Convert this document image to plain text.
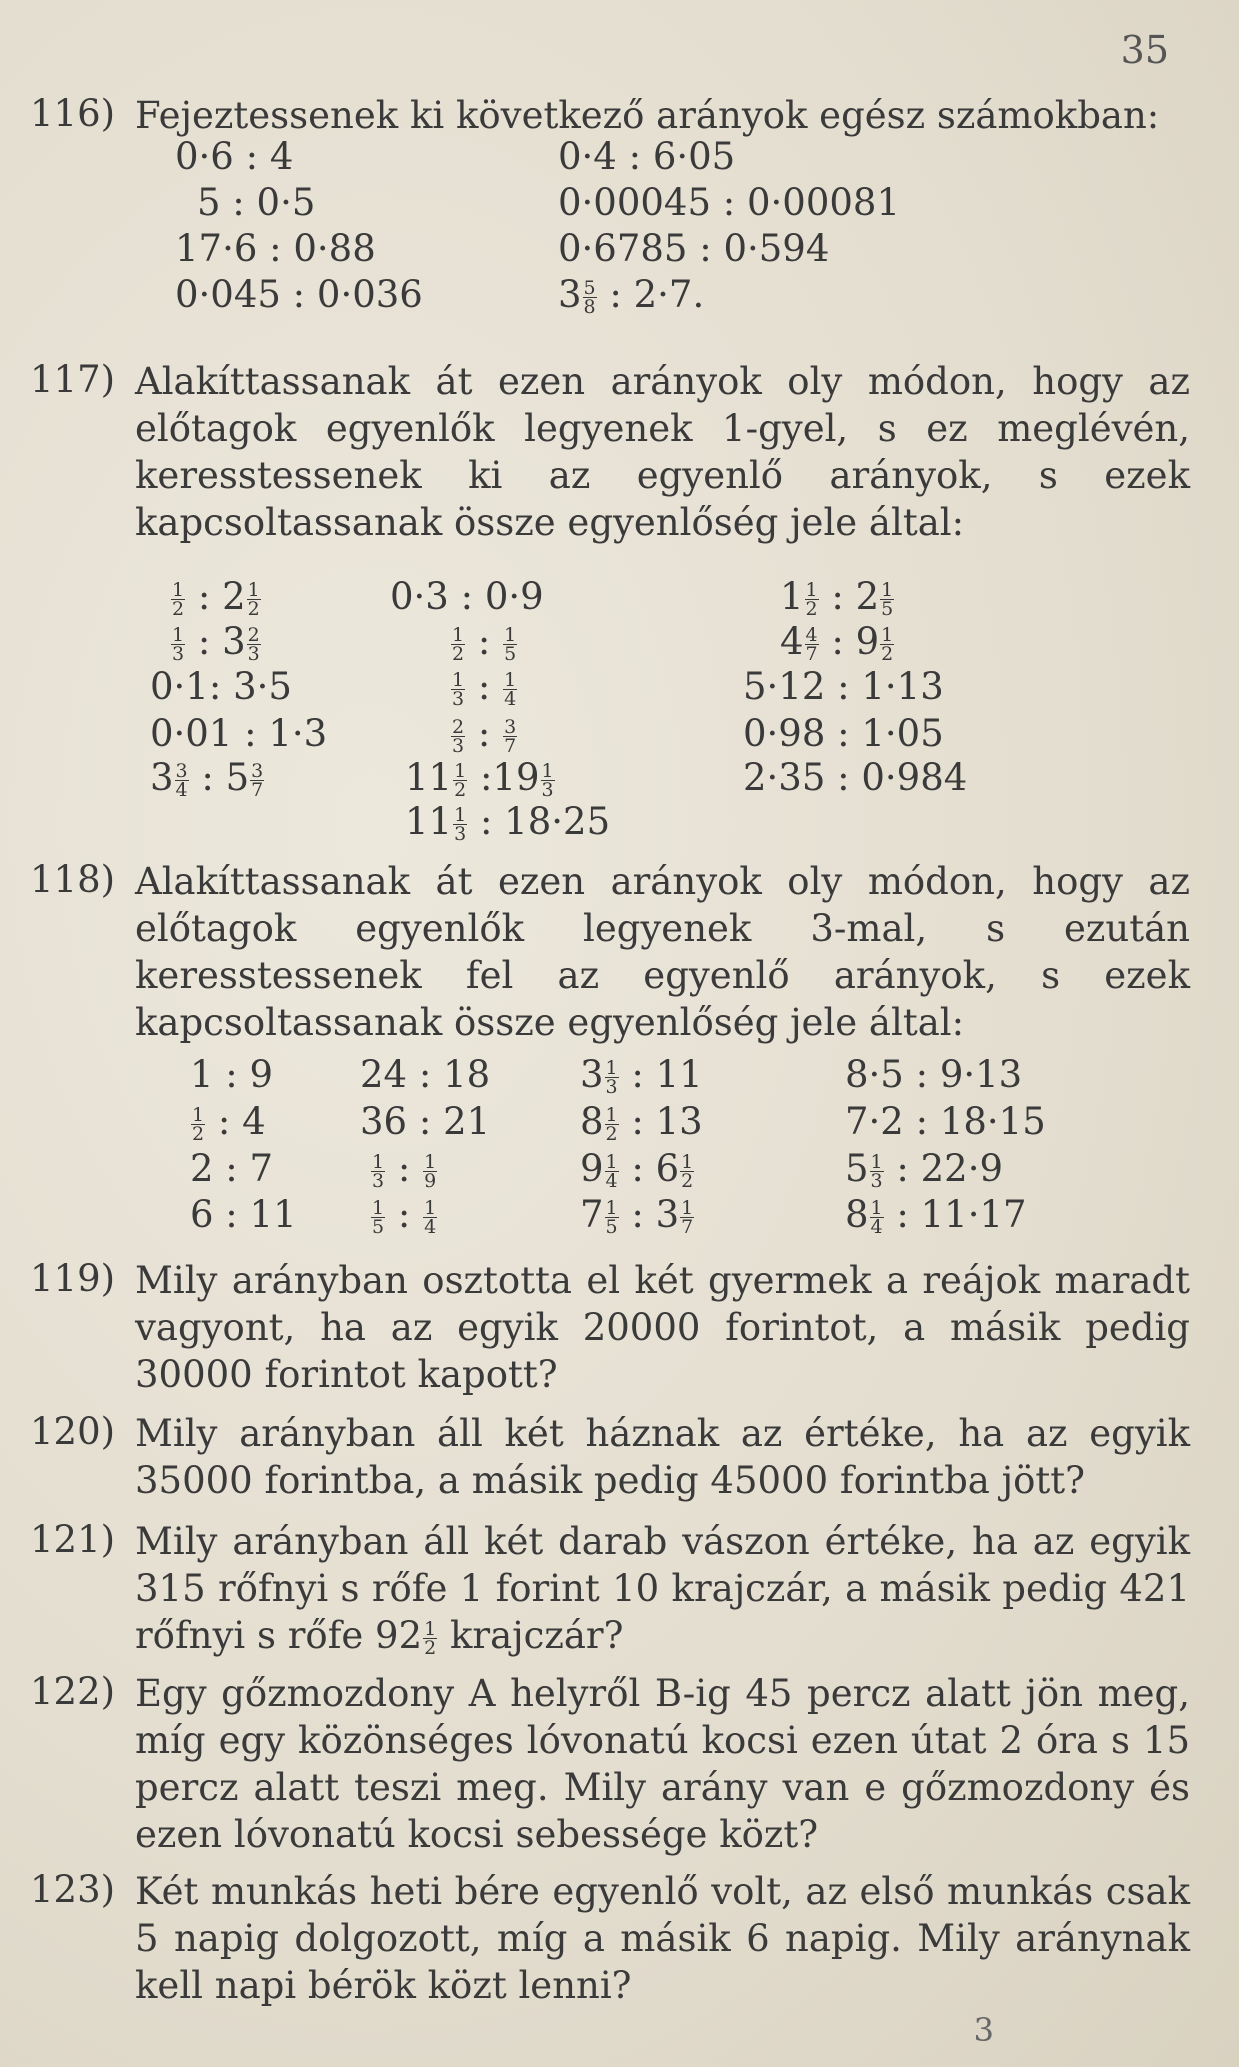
35
116) Fejeztessenek ki következő arányok egész számokban:
0·6 : 4
5 : 0·5
17·6 : 0·88
0·045 : 0·036
0·4 : 6·05
0·00045 : 0·00081
0·6785 : 0·594
$3 \frac{5}{8}$ : 2·7.
117) Alakíttassanak át ezen arányok oly módon, hogy az előtagok egyenlők legyenek 1-gyel, s ez meglévén, keresstessenek ki az egyenlő arányok, s ezek kapcsoltassanak össze egyenlőség jele által:
$\frac{1}{2}$ : $2 \frac{1}{2}$
$\frac{1}{3}$ : $3 \frac{2}{3}$
0·1: 3·5
0·01 : 1·3
$3 \frac{3}{4}$ : $5 \frac{3}{7}$
0·3 : 0·9
$\frac{1}{2}$ : $\frac{1}{5}$
$\frac{1}{3}$ : $\frac{1}{4}$
$\frac{2}{3}$ : $\frac{3}{7}$
$11 \frac{1}{2}$ :19 $\frac{1}{3}$
$11 \frac{1}{3}$ : 18·25
$1 \frac{1}{2}$ : $2 \frac{1}{5}$
$4 \frac{4}{7}$ : $9 \frac{1}{2}$
5·12 : 1·13
0·98 : 1·05
2·35 : 0·984
118) Alakíttassanak át ezen arányok oly módon, hogy az előtagok egyenlők legyenek 3-mal, s ezután keresstessenek fel az egyenlő arányok, s ezek kapcsoltassanak össze egyenlőség jele által:
1 : 9
$\frac{1}{2}$ : 4
2 : 7
6 : 11
24 : 18
36 : 21
$\frac{1}{3}$ : $\frac{1}{9}$
$\frac{1}{5}$ : $\frac{1}{4}$
$3 \frac{1}{3}$ : 11
$8 \frac{1}{2}$ : 13
$9 \frac{1}{4}$ : $6 \frac{1}{2}$
$7 \frac{1}{5}$ : $3 \frac{1}{7}$
8·5 : 9·13
7·2 : 18·15
$5 \frac{1}{3}$ : 22·9
$8 \frac{1}{4}$ : 11·17
119) Mily arányban osztotta el két gyermek a reájok maradt vagyont, ha az egyik 20000 forintot, a másik pedig 30000 forintot kapott?
120) Mily arányban áll két háznak az értéke, ha az egyik 35000 forintba, a másik pedig 45000 forintba jött?
121) Mily arányban áll két darab vászon értéke, ha az egyik 315 rőfnyi s rőfe 1 forint 10 krajczár, a másik pedig 421 rőfnyi s rőfe $92 \frac{1}{2}$ krajczár?
122) Egy gőzmozdony A helyről B-ig 45 percz alatt jön meg, míg egy közönséges lóvonatú kocsi ezen útat 2 óra s 15 percz alatt teszi meg. Mily arány van e gőzmozdony és ezen lóvonatú kocsi sebessége közt?
123) Két munkás heti bére egyenlő volt, az első munkás csak 5 napig dolgozott, míg a másik 6 napig. Mily aránynak kell napi bérök közt lenni?
3
